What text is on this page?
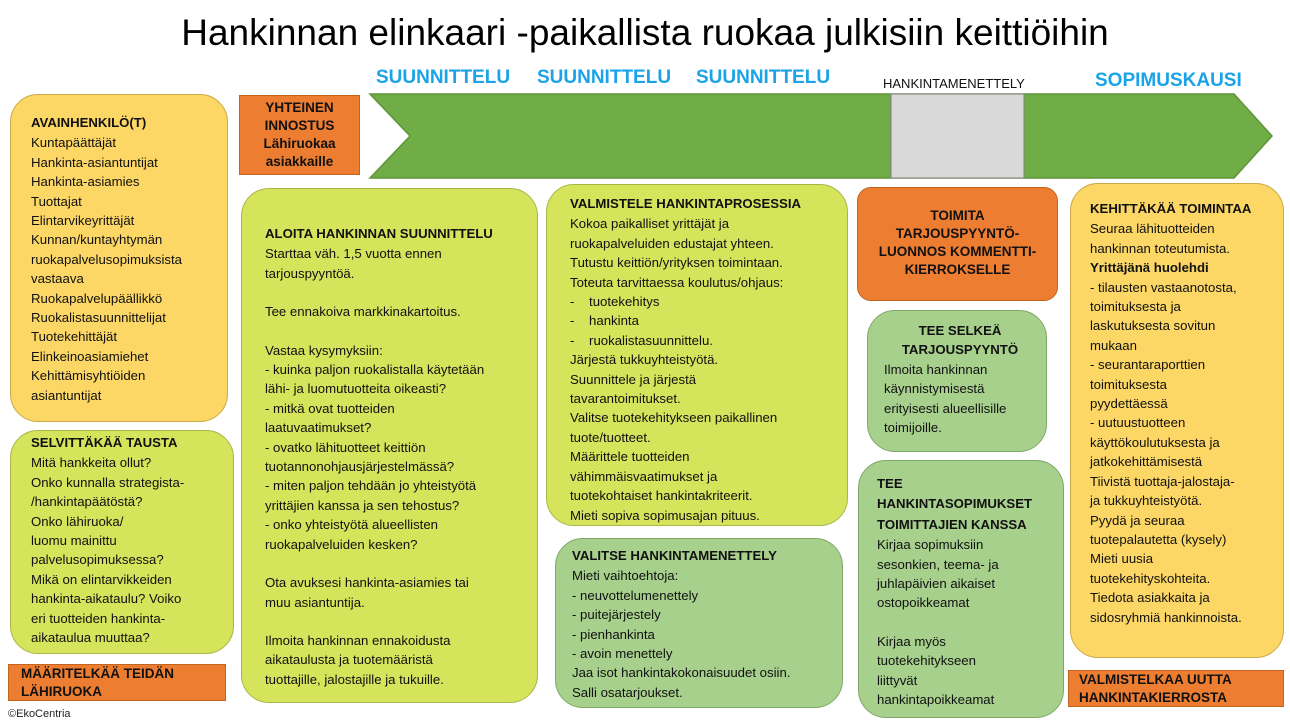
Hankinnan elinkaari -paikallista ruokaa julkisiin keittiöihin
SUUNNITTELU SUUNNITTELU SUUNNITTELU	HANKINTAMENETTELY	SOPIMUSKAUSI
YHTEINEN
INNOSTUS
Lähiruokaa
asiakkaille
AVAINHENKILÖ(T)
Kuntapäättäjät
Hankinta-asiantuntijat
Hankinta-asiamies
Tuottajat
Elintarvikeyrittäjät
Kunnan/kuntayhtymän
ruokapalvelusopimuksista
vastaava
Ruokapalvelupäällikkö
Ruokalistasuunnittelijat
Tuotekehittäjät
Elinkeinoasiamiehet
Kehittämisyhtiöiden
asiantuntijat
SELVITTÄKÄÄ TAUSTA
Mitä hankkeita ollut?
Onko kunnalla strategista-
/hankintapäätöstä?
Onko lähiruoka/
luomu mainittu
palvelusopimuksessa?
Mikä on elintarvikkeiden
hankinta-aikataulu? Voiko
eri tuotteiden hankinta-
aikataulua muuttaa?
MÄÄRITELKÄÄ TEIDÄN
LÄHIRUOKA
ALOITA HANKINNAN SUUNNITTELU
Starttaa väh. 1,5 vuotta ennen
tarjouspyyntöä.
Tee ennakoiva markkinakartoitus.
Vastaa kysymyksiin:
- kuinka paljon ruokalistalla käytetään
lähi- ja luomutuotteita oikeasti?
- mitkä ovat tuotteiden
laatuvaatimukset?
- ovatko lähituotteet keittiön
tuotannonohjausjärjestelmässä?
- miten paljon tehdään jo yhteistyötä
yrittäjien kanssa ja sen tehostus?
- onko yhteistyötä alueellisten
ruokapalveluiden kesken?
Ota avuksesi hankinta-asiamies tai
muu asiantuntija.
Ilmoita hankinnan ennakoidusta
aikataulusta ja tuotemääristä
tuottajille, jalostajille ja tukuille.
VALMISTELE HANKINTAPROSESSIA
Kokoa paikalliset yrittäjät ja
ruokapalveluiden edustajat yhteen.
Tutustu keittiön/yrityksen toimintaan.
Toteuta tarvittaessa koulutus/ohjaus:
-    tuotekehitys
-    hankinta
-    ruokalistasuunnittelu.
Järjestä tukkuyhteistyötä.
Suunnittele ja järjestä
tavarantoimitukset.
Valitse tuotekehitykseen paikallinen
tuote/tuotteet.
Määrittele tuotteiden
vähimmäisvaatimukset ja
tuotekohtaiset hankintakriteerit.
Mieti sopiva sopimusajan pituus.
VALITSE HANKINTAMENETTELY
Mieti vaihtoehtoja:
- neuvottelumenettely
- puitejärjestely
- pienhankinta
- avoin menettely
Jaa isot hankintakokonaisuudet osiin.
Salli osatarjoukset.
TOIMITA
TARJOUSPYYNTÖ-
LUONNOS KOMMENTTI-
KIERROKSELLE
TEE SELKEÄ
TARJOUSPYYNTÖ
Ilmoita hankinnan
käynnistymisestä
erityisesti alueellisille
toimijoille.
TEE
HANKINTASOPIMUKSET
TOIMITTAJIEN KANSSA
Kirjaa sopimuksiin
sesonkien, teema- ja
juhlapäivien aikaiset
ostopoikkeamat
Kirjaa myös
tuotekehitykseen
liittyvät
hankintapoikkeamat
KEHITTÄKÄÄ TOIMINTAA
Seuraa lähituotteiden
hankinnan toteutumista.
Yrittäjänä huolehdi
- tilausten vastaanotosta,
toimituksesta ja
laskutuksesta sovitun
mukaan
- seurantaraporttien
toimituksesta
pyydettäessä
- uutuustuotteen
käyttökoulutuksesta ja
jatkokehittämisestä
Tiivistä tuottaja-jalostaja-
ja tukkuyhteistyötä.
Pyydä ja seuraa
tuotepalautetta (kysely)
Mieti uusia
tuotekehityskohteita.
Tiedota asiakkaita ja
sidosryhmiä hankinnoista.
VALMISTELKAA UUTTA
HANKINTAKIERROSTA
©EkoCentria
